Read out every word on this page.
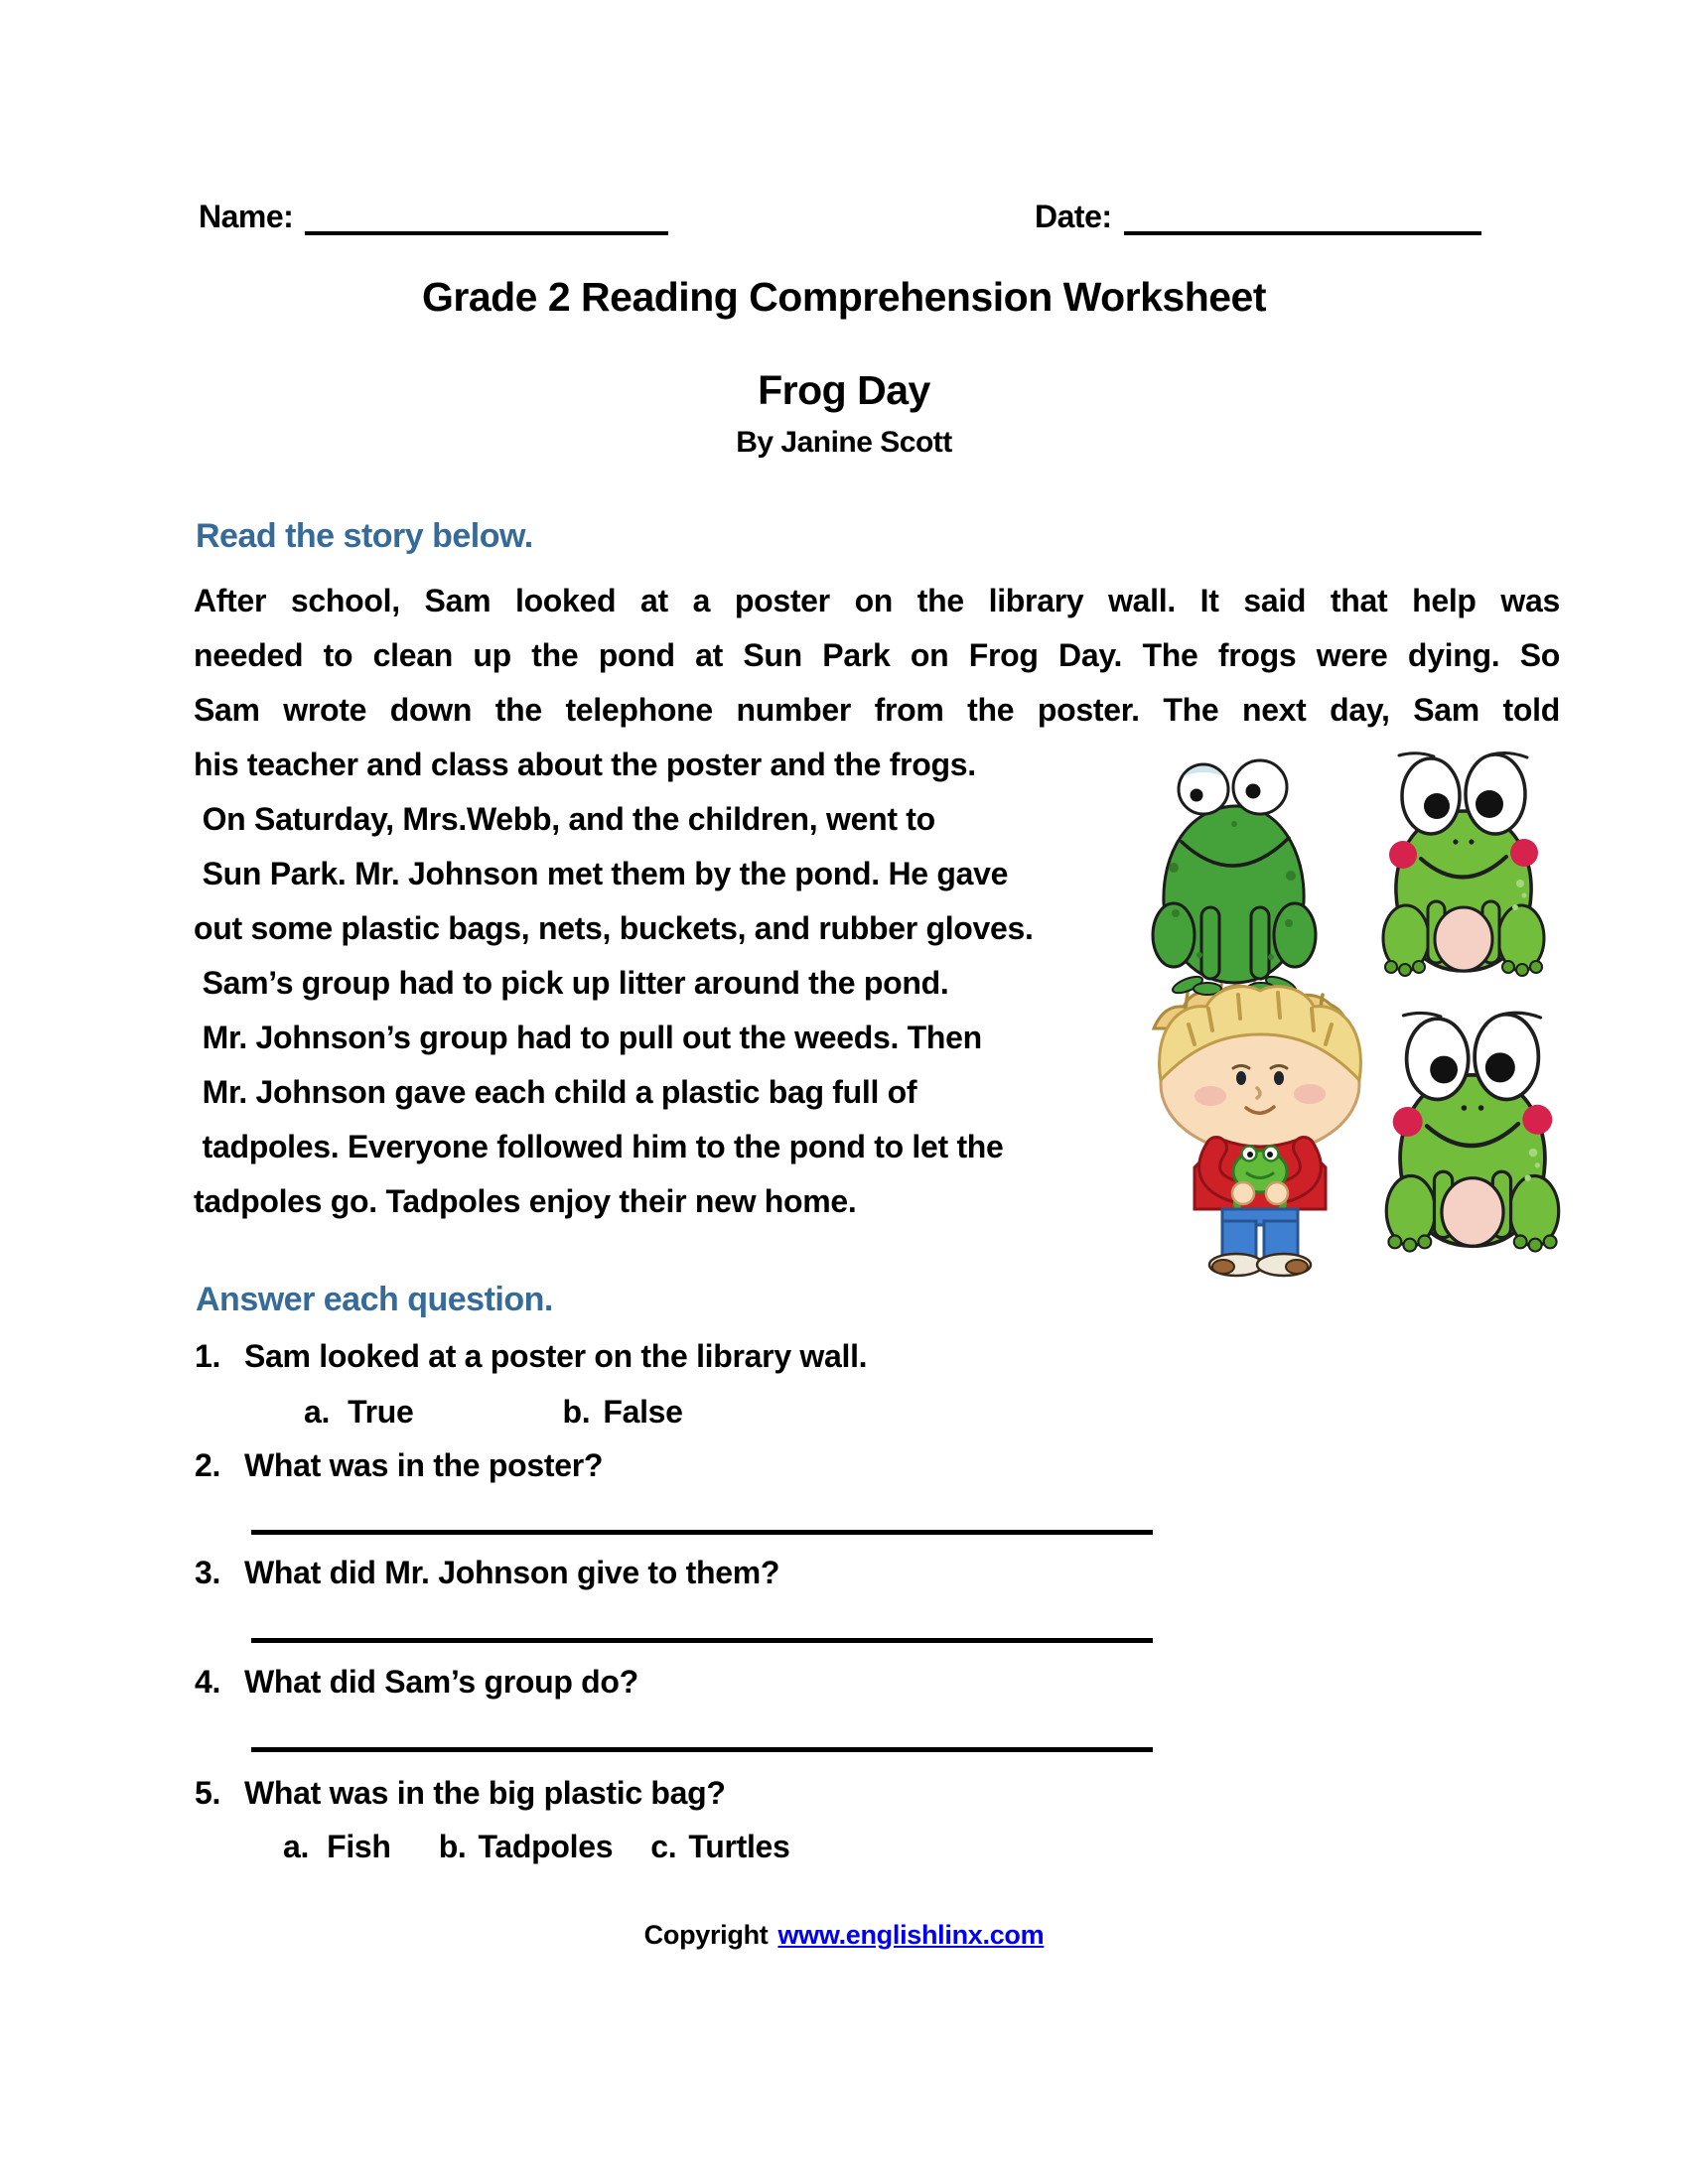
Name:	Date:
Grade 2 Reading Comprehension Worksheet
Frog Day
By Janine Scott
Read the story below.
After school, Sam looked at a poster on the library wall. It said that help was
needed to clean up the pond at Sun Park on Frog Day. The frogs were dying. So
Sam wrote down the telephone number from the poster. The next day, Sam told
his teacher and class about the poster and the frogs.
On Saturday, Mrs.Webb, and the children, went to
Sun Park. Mr. Johnson met them by the pond. He gave
out some plastic bags, nets, buckets, and rubber gloves.
Sam’s group had to pick up litter around the pond.
Mr. Johnson’s group had to pull out the weeds. Then
Mr. Johnson gave each child a plastic bag full of
tadpoles. Everyone followed him to the pond to let the
tadpoles go. Tadpoles enjoy their new home.
Answer each question.
1. Sam looked at a poster on the library wall.
a. True	b. False
2. What was in the poster?
3. What did Mr. Johnson give to them?
4. What did Sam’s group do?
5. What was in the big plastic bag?
a. Fish b. Tadpoles c. Turtles
Copyright www.englishlinx.com
